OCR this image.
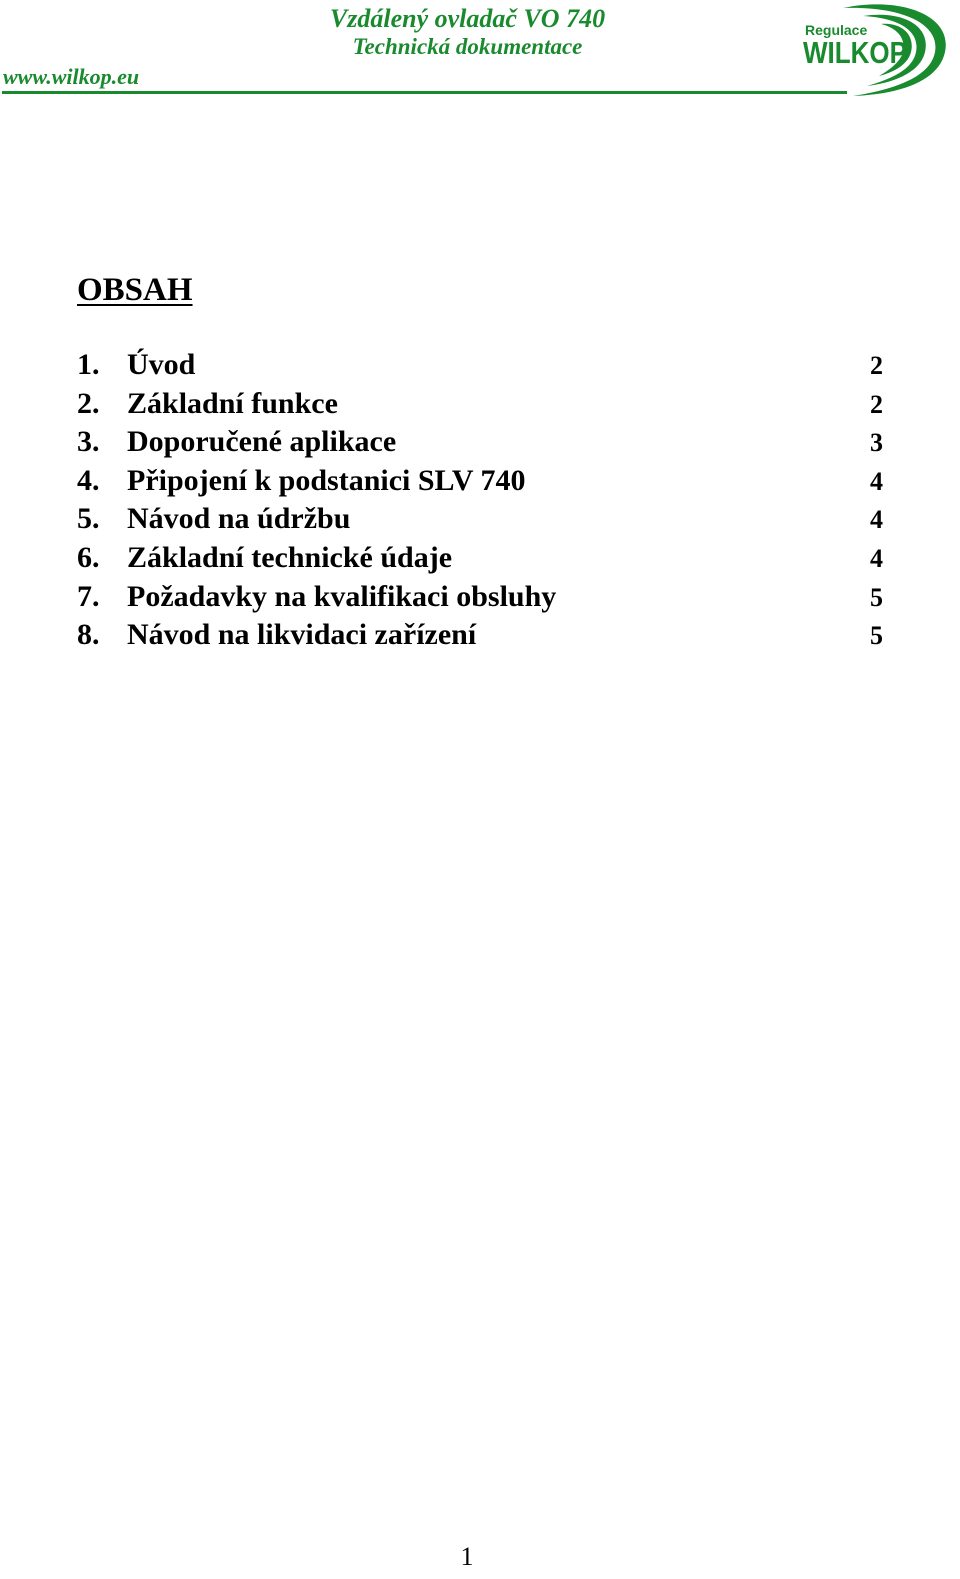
www.wilkop.eu
Vzdálený ovladač VO 740
Technická dokumentace
Regulace
WILKOP
OBSAH
1. Úvod	2
2. Základní funkce	2
3. Doporučené aplikace	3
4. Připojení k podstanici SLV 740	4
5. Návod na údržbu	4
6. Základní technické údaje	4
7. Požadavky na kvalifikaci obsluhy	5
8. Návod na likvidaci zařízení	5
1
